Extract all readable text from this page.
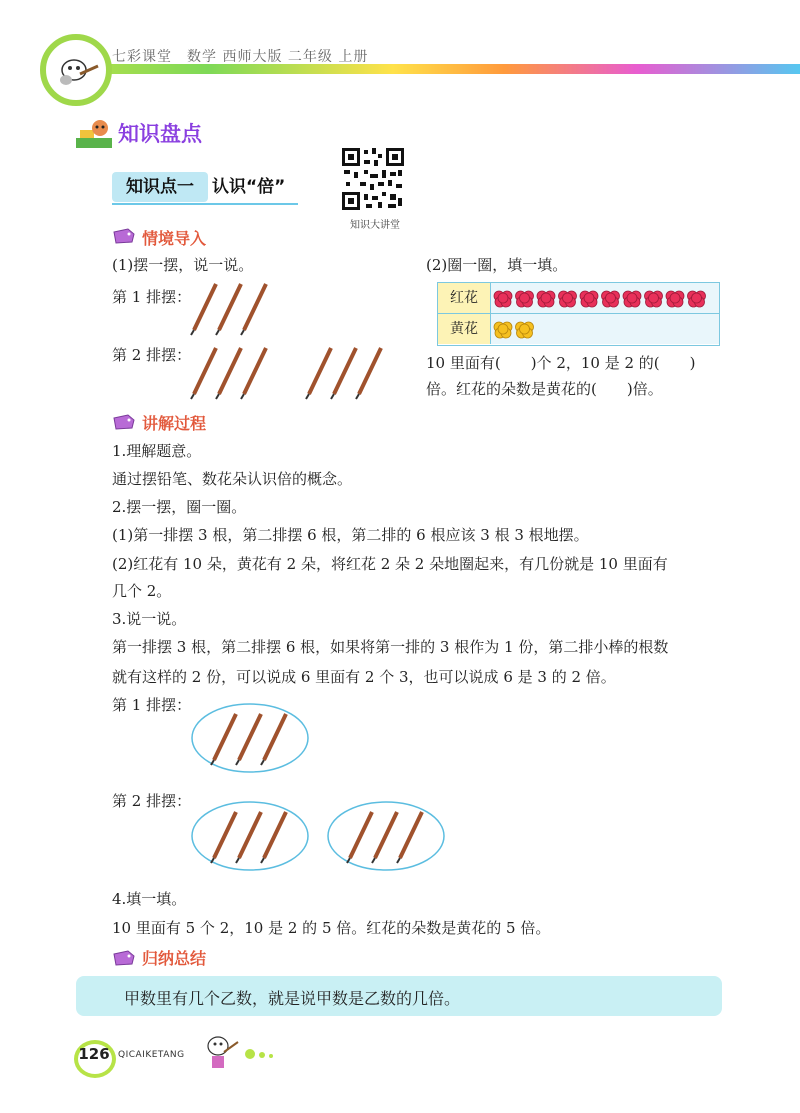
七彩课堂　数学 西师大版 二年级 上册
知识盘点
知识点一	认识“倍”
知识大讲堂
情境导入
(1)摆一摆，说一说。
第 1 排摆：
第 2 排摆：
(2)圈一圈，填一填。
红花
黄花
10 里面有(　　)个 2，10 是 2 的(　　)
倍。红花的朵数是黄花的(　　)倍。
讲解过程
1.理解题意。
通过摆铅笔、数花朵认识倍的概念。
2.摆一摆，圈一圈。
(1)第一排摆 3 根，第二排摆 6 根，第二排的 6 根应该 3 根 3 根地摆。
(2)红花有 10 朵，黄花有 2 朵，将红花 2 朵 2 朵地圈起来，有几份就是 10 里面有
几个 2。
3.说一说。
第一排摆 3 根，第二排摆 6 根，如果将第一排的 3 根作为 1 份，第二排小棒的根数
就有这样的 2 份，可以说成 6 里面有 2 个 3，也可以说成 6 是 3 的 2 倍。
第 1 排摆：
第 2 排摆：
4.填一填。
10 里面有 5 个 2，10 是 2 的 5 倍。红花的朵数是黄花的 5 倍。
归纳总结
甲数里有几个乙数，就是说甲数是乙数的几倍。
126 QICAIKETANG
